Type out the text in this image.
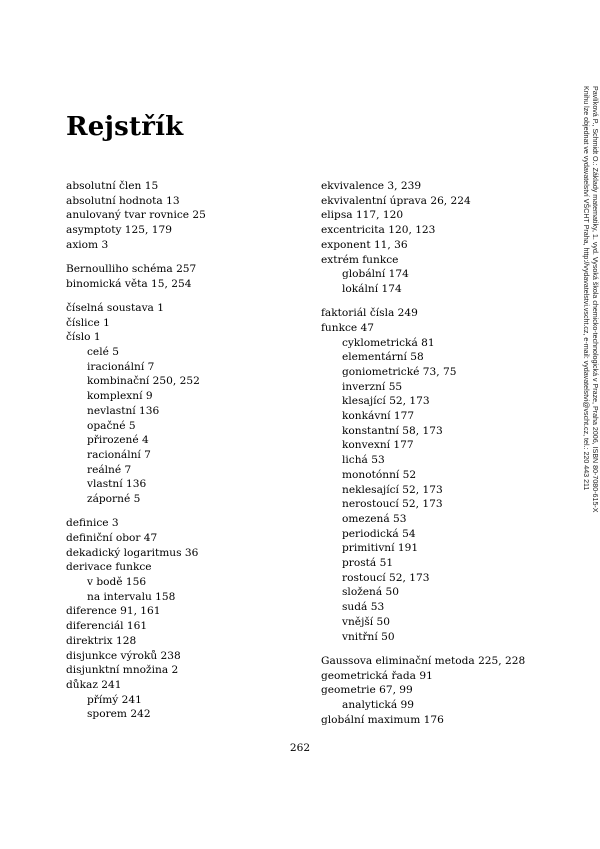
Rejstřík
absolutní člen 15
absolutní hodnota 13
anulovaný tvar rovnice 25
asymptoty 125, 179
axiom 3
Bernoulliho schéma 257
binomická věta 15, 254
číselná soustava 1
číslice 1
číslo 1
celé 5
iracionální 7
kombinační 250, 252
komplexní 9
nevlastní 136
opačné 5
přirozené 4
racionální 7
reálné 7
vlastní 136
záporné 5
definice 3
definiční obor 47
dekadický logaritmus 36
derivace funkce
v bodě 156
na intervalu 158
diference 91, 161
diferenciál 161
direktrix 128
disjunkce výroků 238
disjunktní množina 2
důkaz 241
přímý 241
sporem 242
ekvivalence 3, 239
ekvivalentní úprava 26, 224
elipsa 117, 120
excentricita 120, 123
exponent 11, 36
extrém funkce
globální 174
lokální 174
faktoriál čísla 249
funkce 47
cyklometrická 81
elementární 58
goniometrické 73, 75
inverzní 55
klesající 52, 173
konkávní 177
konstantní 58, 173
konvexní 177
lichá 53
monotónní 52
neklesající 52, 173
nerostoucí 52, 173
omezená 53
periodická 54
primitivní 191
prostá 51
rostoucí 52, 173
složená 50
sudá 53
vnější 50
vnitřní 50
Gaussova eliminační metoda 225, 228
geometrická řada 91
geometrie 67, 99
analytická 99
globální maximum 176
262
Pavlíková P., Schmidt O.: Základy matematiky, 1. vyd. Vysoká škola chemicko-technologická v Praze, Praha 2006, ISBN 80-7080-615-X
Knihu lze objednat ve vydavatelství VŠCHT Praha, http://vydavatelstvi.vscht.cz, e-mail: vydavatelstvi@vscht.cz, tel.: 220 443 211
